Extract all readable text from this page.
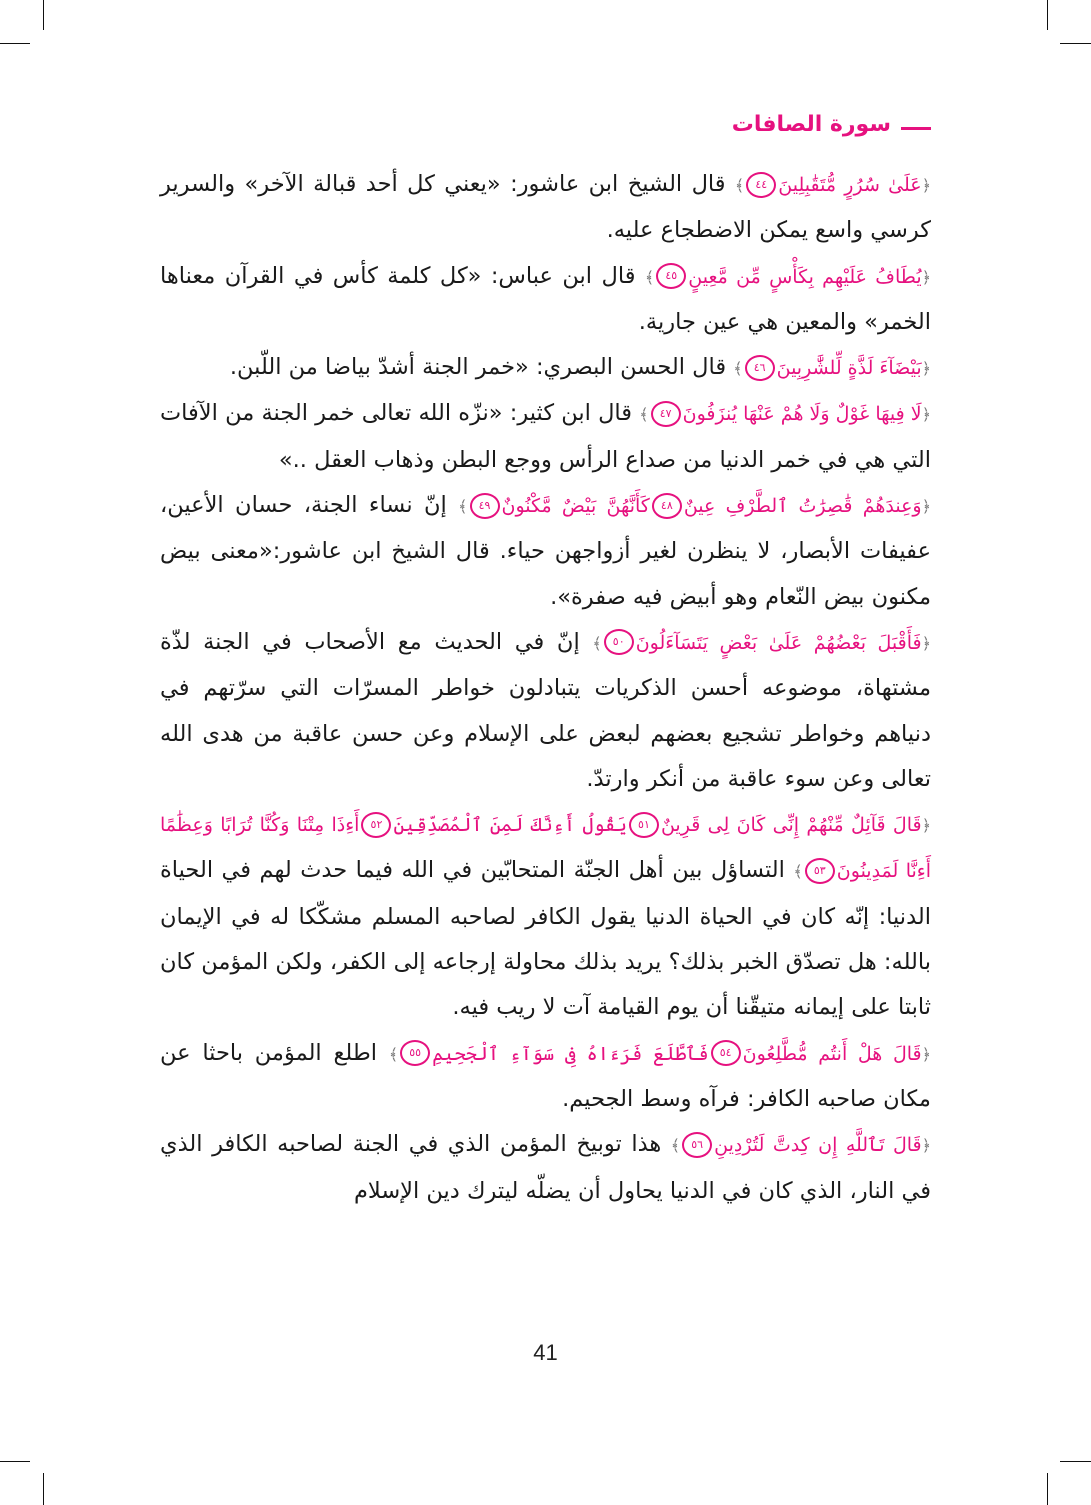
سورة الصافات

﴿عَلَىٰ سُرُرٍ مُّتَقَٰبِلِينَ٤٤﴾ قال الشيخ ابن عاشور: «يعني كل أحد قبالة الآخر» والسرير كرسي واسع يمكن الاضطجاع عليه.

﴿يُطَافُ عَلَيْهِم بِكَأْسٍ مِّن مَّعِينٍ٤٥﴾ قال ابن عباس: «كل كلمة كأس في القرآن معناها الخمر» والمعين هي عين جارية.

﴿بَيْضَآءَ لَذَّةٍ لِّلشَّٰرِبِينَ٤٦﴾ قال الحسن البصري: «خمر الجنة أشدّ بياضا من اللّبن.

﴿لَا فِيهَا غَوْلٌ وَلَا هُمْ عَنْهَا يُنزَفُونَ٤٧﴾ قال ابن كثير: «نزّه الله تعالى خمر الجنة من الآفات التي هي في خمر الدنيا من صداع الرأس ووجع البطن وذهاب العقل ..»

﴿وَعِندَهُمْ قَٰصِرَٰتُ ٱلطَّرْفِ عِينٌ٤٨كَأَنَّهُنَّ بَيْضٌ مَّكْنُونٌ٤٩﴾ إنّ نساء الجنة، حسان الأعين، عفيفات الأبصار، لا ينظرن لغير أزواجهن حياء. قال الشيخ ابن عاشور:«معنى بيض مكنون بيض النّعام وهو أبيض فيه صفرة».

﴿فَأَقْبَلَ بَعْضُهُمْ عَلَىٰ بَعْضٍ يَتَسَآءَلُونَ٥٠﴾ إنّ في الحديث مع الأصحاب في الجنة لذّة مشتهاة، موضوعه أحسن الذكريات يتبادلون خواطر المسرّات التي سرّتهم في دنياهم وخواطر تشجيع بعضهم لبعض على الإسلام وعن حسن عاقبة من هدى الله تعالى وعن سوء عاقبة من أنكر وارتدّ.

﴿قَالَ قَآئِلٌ مِّنْهُمْ إِنِّى كَانَ لِى قَرِينٌ٥١يَقُولُ أَءِنَّكَ لَمِنَ ٱلْمُصَدِّقِينَ٥٢أَءِذَا مِتْنَا وَكُنَّا تُرَابًا وَعِظَٰمًا أَءِنَّا لَمَدِينُونَ٥٣﴾ التساؤل بين أهل الجنّة المتحابّين في الله فيما حدث لهم في الحياة الدنيا: إنّه كان في الحياة الدنيا يقول الكافر لصاحبه المسلم مشكّكا له في الإيمان بالله: هل تصدّق الخبر بذلك؟ يريد بذلك محاولة إرجاعه إلى الكفر، ولكن المؤمن كان ثابتا على إيمانه متيقّنا أن يوم القيامة آت لا ريب فيه.

﴿قَالَ هَلْ أَنتُم مُّطَّلِعُونَ٥٤فَٱطَّلَعَ فَرَءَاهُ فِى سَوَآءِ ٱلْجَحِيمِ٥٥﴾ اطلع المؤمن باحثا عن مكان صاحبه الكافر: فرآه وسط الجحيم.

﴿قَالَ تَٱللَّهِ إِن كِدتَّ لَتُرْدِينِ٥٦﴾ هذا توبيخ المؤمن الذي في الجنة لصاحبه الكافر الذي في النار، الذي كان في الدنيا يحاول أن يضلّه ليترك دين الإسلام

41
